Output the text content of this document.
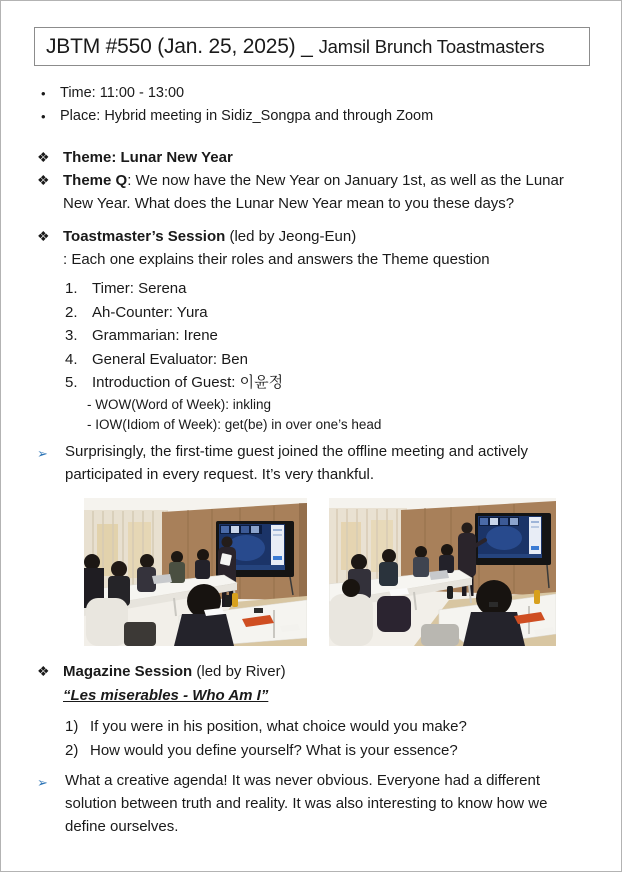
JBTM #550 (Jan. 25, 2025) _ Jamsil Brunch Toastmasters
• Time: 11:00 - 13:00
• Place: Hybrid meeting in Sidiz_Songpa and through Zoom
❖ Theme: Lunar New Year
❖ Theme Q: We now have the New Year on January 1st, as well as the Lunar New Year. What does the Lunar New Year mean to you these days?
❖ Toastmaster’s Session (led by Jeong-Eun)
: Each one explains their roles and answers the Theme question
1. Timer: Serena
2. Ah-Counter: Yura
3. Grammarian: Irene
4. General Evaluator: Ben
5. Introduction of Guest: 이윤정
- WOW(Word of Week): inkling
- IOW(Idiom of Week): get(be) in over one’s head
➢	Surprisingly, the first-time guest joined the offline meeting and actively participated in every request. It’s very thankful.
❖ Magazine Session (led by River)
“Les miserables - Who Am I”
1) If you were in his position, what choice would you make?
2) How would you define yourself? What is your essence?
➢	What a creative agenda! It was never obvious. Everyone had a different solution between truth and reality. It was also interesting to know how we define ourselves.
